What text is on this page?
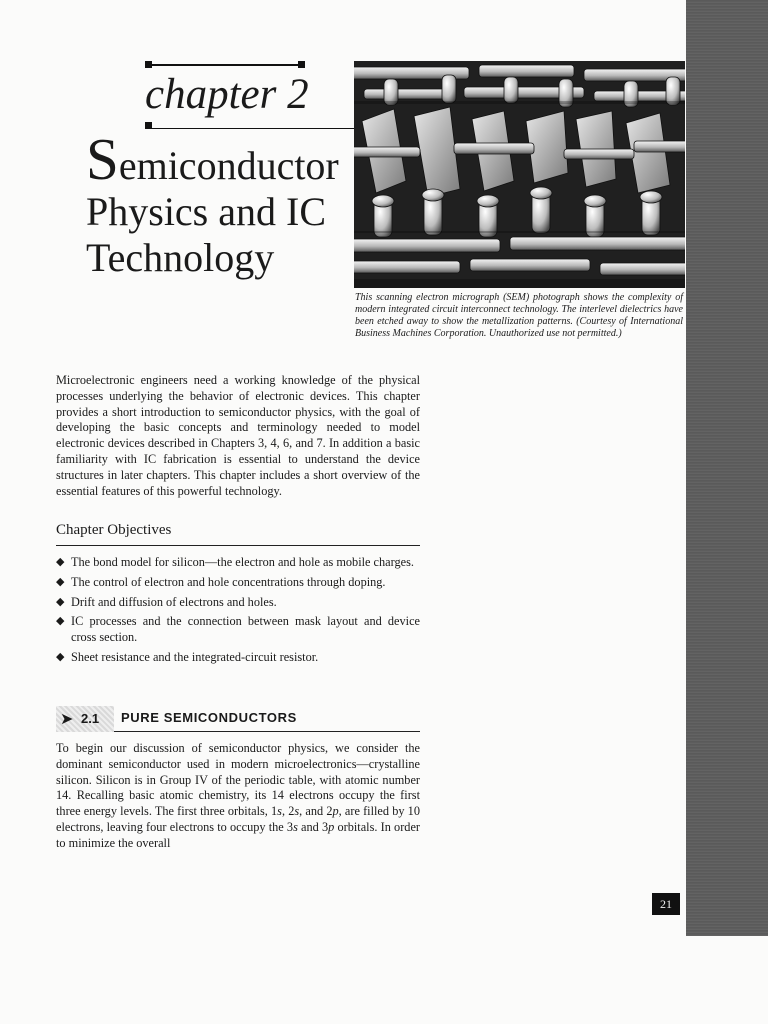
chapter 2
Semiconductor
Physics and IC
Technology
This scanning electron micrograph (SEM) photograph shows the complexity of modern integrated circuit interconnect technology. The interlevel dielectrics have been etched away to show the metallization patterns. (Courtesy of International Business Machines Corporation. Unauthorized use not permitted.)

Microelectronic engineers need a working knowledge of the physical processes underlying the behavior of electronic devices. This chapter provides a short introduction to semiconductor physics, with the goal of developing the basic concepts and terminology needed to model electronic devices described in Chapters 3, 4, 6, and 7. In addition a basic familiarity with IC fabrication is essential to understand the device structures in later chapters. This chapter includes a short overview of the essential features of this powerful technology.

Chapter Objectives
◆ The bond model for silicon—the electron and hole as mobile charges.
◆ The control of electron and hole concentrations through doping.
◆ Drift and diffusion of electrons and holes.
◆ IC processes and the connection between mask layout and device cross section.
◆ Sheet resistance and the integrated-circuit resistor.
➤ 2.1 PURE SEMICONDUCTORS

To begin our discussion of semiconductor physics, we consider the dominant semiconductor used in modern microelectronics—crystalline silicon. Silicon is in Group IV of the periodic table, with atomic number 14. Recalling basic atomic chemistry, its 14 electrons occupy the first three energy levels. The first three orbitals, 1s, 2s, and 2p, are filled by 10 electrons, leaving four electrons to occupy the 3s and 3p orbitals. In order to minimize the overall

21
